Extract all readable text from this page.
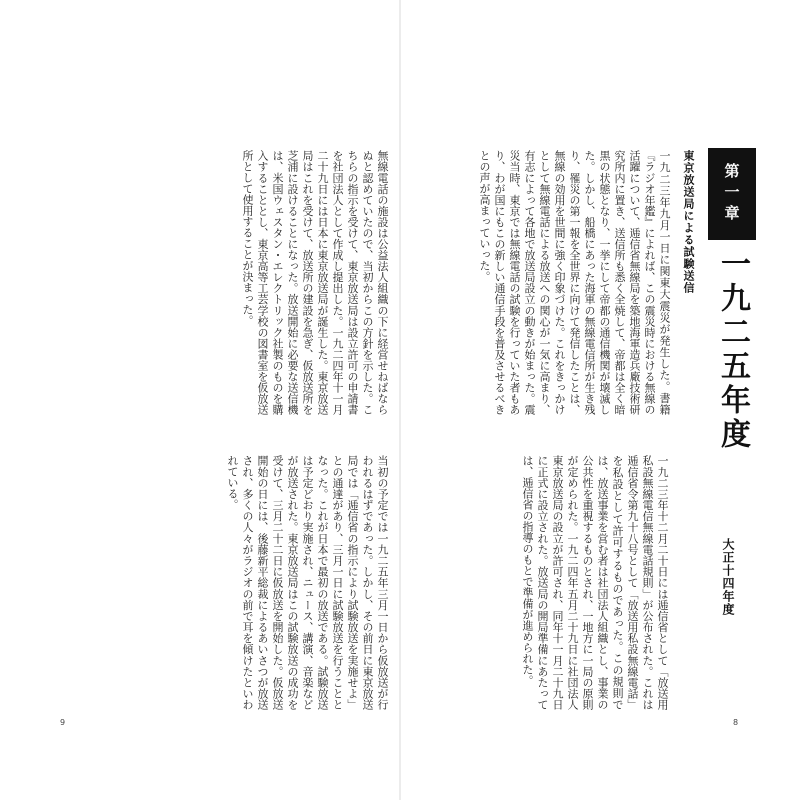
第一章
一九二五年度
東京放送局による試験送信
一九二三年九月一日に関東大震災が発生した。書籍『ラジオ年鑑』によれば、この震災時における無線の活躍について、逓信省無線局を築地海軍造兵廠技術研究所内に置き、送信所も悉く全焼して、帝都は全く暗黒の状態となり、一挙にして帝都の通信機関が壊滅した。しかし、船橋にあった海軍の無線電信所が生き残り、罹災の第一報を全世界に向けて発信したことは、無線の効用を世間に強く印象づけた。これをきっかけとして無線電話による放送への関心が一気に高まり、有志によって各地で放送局設立の動きが始まった。震災当時、東京では無線電話の試験を行っていた者もあり、わが国にもこの新しい通信手段を普及させるべきとの声が高まっていった。
一九二三年十二月二十日には逓信省として「放送用私設無線電信無線電話規則」が公布された。これは逓信省令第九十八号として「放送用私設無線電話」を私設として許可するものであった。この規則では、放送事業を営む者は社団法人組織とし、事業の公共性を重視するものとされ、一地方に一局の原則が定められた。一九二四年五月二十九日に社団法人東京放送局の設立が許可され、同年十一月二十九日に正式に設立された。放送局の開局準備にあたっては、逓信省の指導のもとで準備が進められた。
無線電話の施設は公益法人組織の下に経営せねばならぬと認めていたので、当初からこの方針を示した。こちらの指示を受けて、東京放送局は設立許可の申請書を社団法人として作成し提出した。一九二四年十一月二十九日には日本に東京放送局が誕生した。東京放送局はこれを受けて、放送所の建設を急ぎ、仮放送所を芝浦に設けることになった。放送開始に必要な送信機は、米国ウェスタン・エレクトリック社製のものを購入することとし、東京高等工芸学校の図書室を仮放送所として使用することが決まった。
当初の予定では一九二五年三月一日から仮放送が行われるはずであった。しかし、その前日に東京放送局では「逓信省の指示により試験放送を実施せよ」との通達があり、三月一日に試験放送を行うこととなった。これが日本で最初の放送である。試験放送は予定どおり実施され、ニュース、講演、音楽などが放送された。東京放送局はこの試験放送の成功を受けて、三月二十二日に仮放送を開始した。仮放送開始の日には、後藤新平総裁によるあいさつが放送され、多くの人々がラジオの前で耳を傾けたといわれている。
大正十四年度
9	8
